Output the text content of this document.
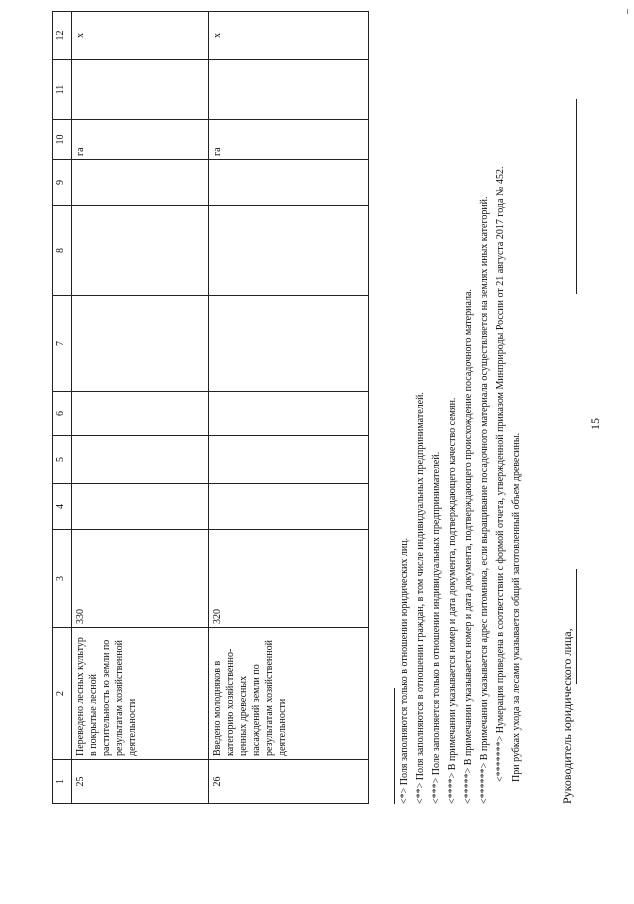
15
1	2	3	4	5	6	7	8	9	10	11	12
25	Переведено лесных культур в покрытые лесной растительность ю земли по результатам хозяйственной деятельности	330							га		x
26	Введено молодняков в категорию хозяйственно-ценных древесных насаждений земли по результатам хозяйственной деятельности	320							га		x

<*> Поля заполняются только в отношении юридических лиц. <**> Поля заполняются в отношении граждан, в том числе индивидуальных предпринимателей. <***> Поле заполняется только в отношении индивидуальных предпринимателей. <****> В примечании указывается номер и дата документа, подтверждающего качество семян. <*****> В примечании указывается номер и дата документа, подтверждающего происхождение посадочного материала. <******> В примечании указывается адрес питомника, если выращивание посадочного материала осуществляется на землях иных категорий. <*******> Нумерация приведена в соответствии с формой отчета, утвержденной приказом Минприроды России от 21 августа 2017 года № 452. При рубках ухода за лесами указывается общий заготовленный объем древесины.	Руководитель юридического лица,
–
